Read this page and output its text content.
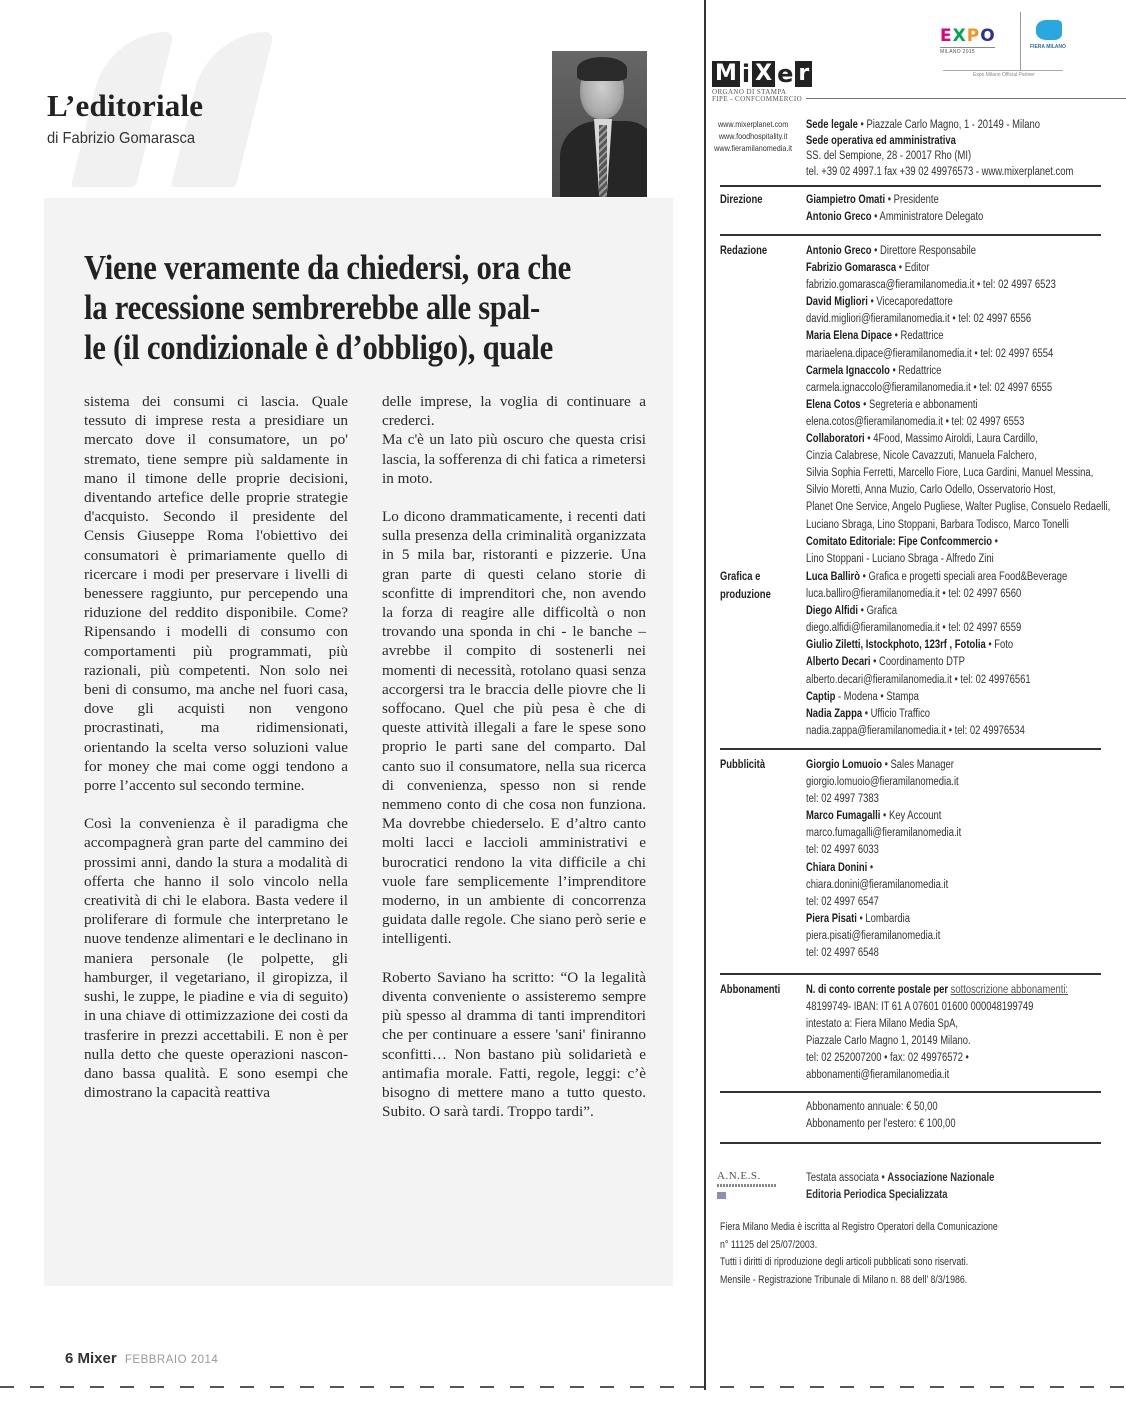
L’editoriale
di Fabrizio Gomarasca
Viene veramente da chiedersi, ora che
la recessione sembrerebbe alle spal-
le (il condizionale è d’obbligo), quale

sistema dei consumi ci lascia. Quale tessuto di imprese resta a presidiare un mercato dove il consumatore, un po' stremato, tiene sempre più saldamente in mano il timone delle proprie decisioni, diventando artefice delle proprie strategie d'acquisto. Secondo il presidente del Censis Giuseppe Roma l'obiettivo dei consumatori è primariamente quello di ricercare i modi per preservare i livelli di benessere raggiunto, pur percependo una riduzione del reddito disponibile. Come? Ripensando i modelli di consumo con comportamenti più programmati, più razionali, più competenti. Non solo nei beni di consumo, ma anche nel fuori casa, dove gli acquisti non vengono procrastinati, ma ridimensionati, orientando la scelta verso soluzioni value for money che mai come oggi tendono a porre l’accento sul secondo termine.

Così la convenienza è il paradigma che accompagnerà gran parte del cammino dei prossimi anni, dando la stura a modalità di offerta che hanno il solo vincolo nella creatività di chi le elabora. Basta vedere il proliferare di formule che interpretano le nuove tendenze alimentari e le declinano in maniera personale (le polpette, gli hamburger, il vegetariano, il giropizza, il sushi, le zuppe, le piadine e via di seguito) in una chiave di ottimizzazione dei costi da trasferire in prezzi accettabili. E non è per nulla detto che queste operazioni nascondano bassa qualità. E sono esempi che dimostrano la capacità reattiva

delle imprese, la voglia di continuare a crederci.

Ma c'è un lato più oscuro che questa crisi lascia, la sofferenza di chi fatica a rimetersi in moto.

Lo dicono drammaticamente, i recenti dati sulla presenza della criminalità organizzata in 5 mila bar, ristoranti e pizzerie. Una gran parte di questi celano storie di sconfitte di imprenditori che, non avendo la forza di reagire alle difficoltà o non trovando una sponda in chi - le banche – avrebbe il compito di sostenerli nei momenti di necessità, rotolano quasi senza accorgersi tra le braccia delle piovre che li soffocano. Quel che più pesa è che di queste attività illegali a fare le spese sono proprio le parti sane del comparto. Dal canto suo il consumatore, nella sua ricerca di convenienza, spesso non si rende nemmeno conto di che cosa non funziona. Ma dovrebbe chiederselo. E d’altro canto molti lacci e laccioli amministrativi e burocratici rendono la vita difficile a chi vuole fare semplicemente l’imprenditore moderno, in un ambiente di concorrenza guidata dalle regole. Che siano però serie e intelligenti.

Roberto Saviano ha scritto: “O la legalità diventa conveniente o assisteremo sempre più spesso al dramma di tanti imprenditori che per continuare a essere 'sani' finiranno sconfitti… Non bastano più solidarietà e antimafia morale. Fatti, regole, leggi: c’è bisogno di mettere mano a tutto questo. Subito. O sarà tardi. Troppo tardi”.

6 Mixer FEBBRAIO 2014
M i X e r
ORGANO DI STAMPA
FIPE - CONFCOMMERCIO
E X P O
MILANO 2015
FIERA MILANO
Expo Milano Official Partner
www.mixerplanet.com
www.foodhospitality.it
www.fieramilanomedia.it
Sede legale • Piazzale Carlo Magno, 1 - 20149 - Milano
Sede operativa ed amministrativa
SS. del Sempione, 28 - 20017 Rho (MI)
tel. +39 02 4997.1 fax +39 02 49976573 - www.mixerplanet.com
Direzione	Giampietro Omati • Presidente
Antonio Greco • Amministratore Delegato
Redazione	Antonio Greco • Direttore Responsabile
Fabrizio Gomarasca • Editor
fabrizio.gomarasca@fieramilanomedia.it • tel: 02 4997 6523
David Migliori • Vicecaporedattore
david.migliori@fieramilanomedia.it • tel: 02 4997 6556
Maria Elena Dipace • Redattrice
mariaelena.dipace@fieramilanomedia.it • tel: 02 4997 6554
Carmela Ignaccolo • Redattrice
carmela.ignaccolo@fieramilanomedia.it • tel: 02 4997 6555
Elena Cotos • Segreteria e abbonamenti
elena.cotos@fieramilanomedia.it • tel: 02 4997 6553
Collaboratori • 4Food, Massimo Airoldi, Laura Cardillo,
Cinzia Calabrese, Nicole Cavazzuti, Manuela Falchero,
Silvia Sophia Ferretti, Marcello Fiore, Luca Gardini, Manuel Messina,
Silvio Moretti, Anna Muzio, Carlo Odello, Osservatorio Host,
Planet One Service, Angelo Pugliese, Walter Puglise, Consuelo Redaelli,
Luciano Sbraga, Lino Stoppani, Barbara Todisco, Marco Tonelli
Comitato Editoriale: Fipe Confcommercio •
Lino Stoppani - Luciano Sbraga - Alfredo Zini
Grafica e
produzione
Luca Ballirò • Grafica e progetti speciali area Food&Beverage
luca.balliro@fieramilanomedia.it • tel: 02 4997 6560
Diego Alfidi • Grafica
diego.alfidi@fieramilanomedia.it • tel: 02 4997 6559
Giulio Ziletti, Istockphoto, 123rf , Fotolia • Foto
Alberto Decari • Coordinamento DTP
alberto.decari@fieramilanomedia.it • tel: 02 49976561
Captip - Modena • Stampa
Nadia Zappa • Ufficio Traffico
nadia.zappa@fieramilanomedia.it • tel: 02 49976534
Pubblicità	Giorgio Lomuoio • Sales Manager
giorgio.lomuoio@fieramilanomedia.it
tel: 02 4997 7383
Marco Fumagalli • Key Account
marco.fumagalli@fieramilanomedia.it
tel: 02 4997 6033
Chiara Donini •
chiara.donini@fieramilanomedia.it
tel: 02 4997 6547
Piera Pisati • Lombardia
piera.pisati@fieramilanomedia.it
tel: 02 4997 6548
Abbonamenti N. di conto corrente postale per sottoscrizione abbonamenti:
48199749- IBAN: IT 61 A 07601 01600 000048199749
intestato a: Fiera Milano Media SpA,
Piazzale Carlo Magno 1, 20149 Milano.
tel: 02 252007200 • fax: 02 49976572 •
abbonamenti@fieramilanomedia.it
Abbonamento annuale: € 50,00
Abbonamento per l'estero: € 100,00
A.N.E.S.	Testata associata • Associazione Nazionale
Editoria Periodica Specializzata
Fiera Milano Media è iscritta al Registro Operatori della Comunicazione
n° 11125 del 25/07/2003.
Tutti i diritti di riproduzione degli articoli pubblicati sono riservati.
Mensile - Registrazione Tribunale di Milano n. 88 dell’ 8/3/1986.
